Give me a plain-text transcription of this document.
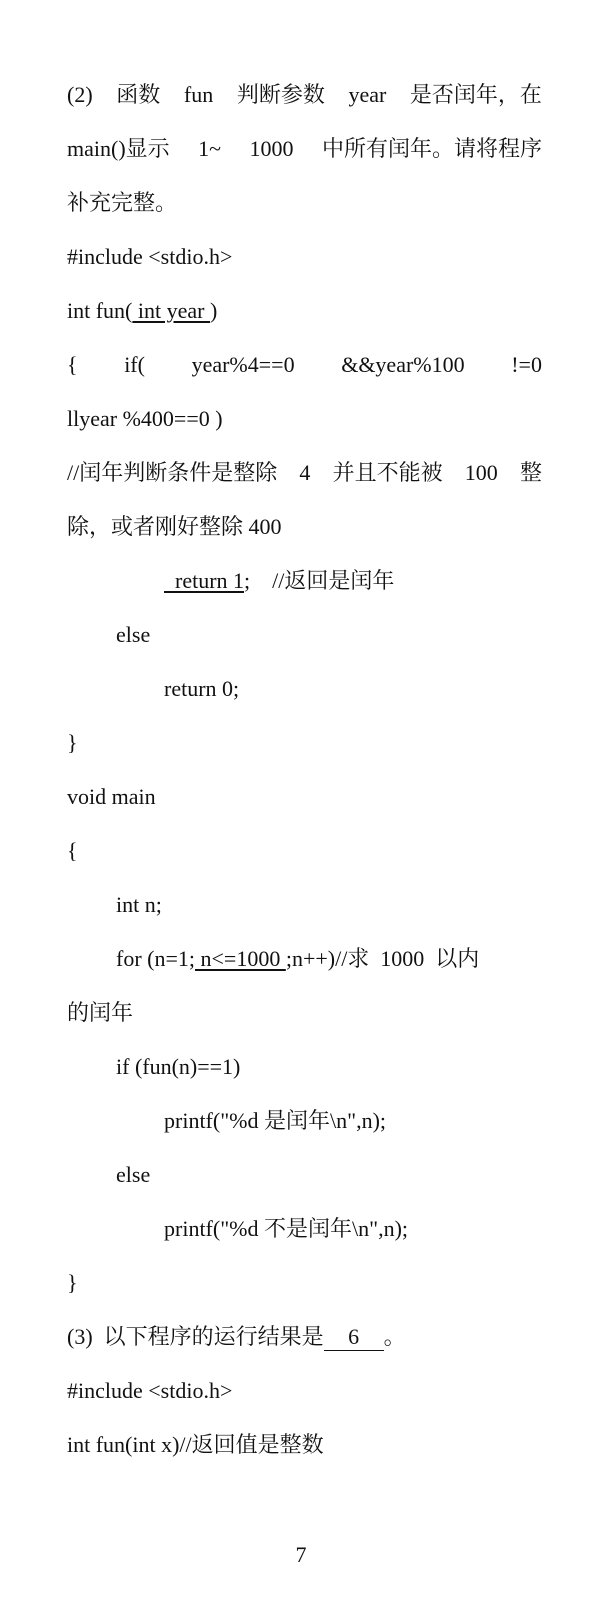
(2) 函数 fun 判断参数 year 是否闰年，在
main()显示 1~ 1000 中所有闰年。请将程序
补充完整。
#include <stdio.h>
int fun( int year )
{ if( year%4==0 &&year%100 !=0
llyear %400==0 )
//闰年判断条件是整除 4 并且不能被 100 整
除，或者刚好整除 400
return 1;    //返回是闰年
else
return 0;
}
void main
{
int n;
for (n=1; n<=1000 ;n++)//求  1000  以内
的闰年
if (fun(n)==1)
printf("%d 是闰年\n",n);
else
printf("%d 不是闰年\n",n);
}
(3)  以下程序的运行结果是 6 。
#include <stdio.h>
int fun(int x)//返回值是整数
7
